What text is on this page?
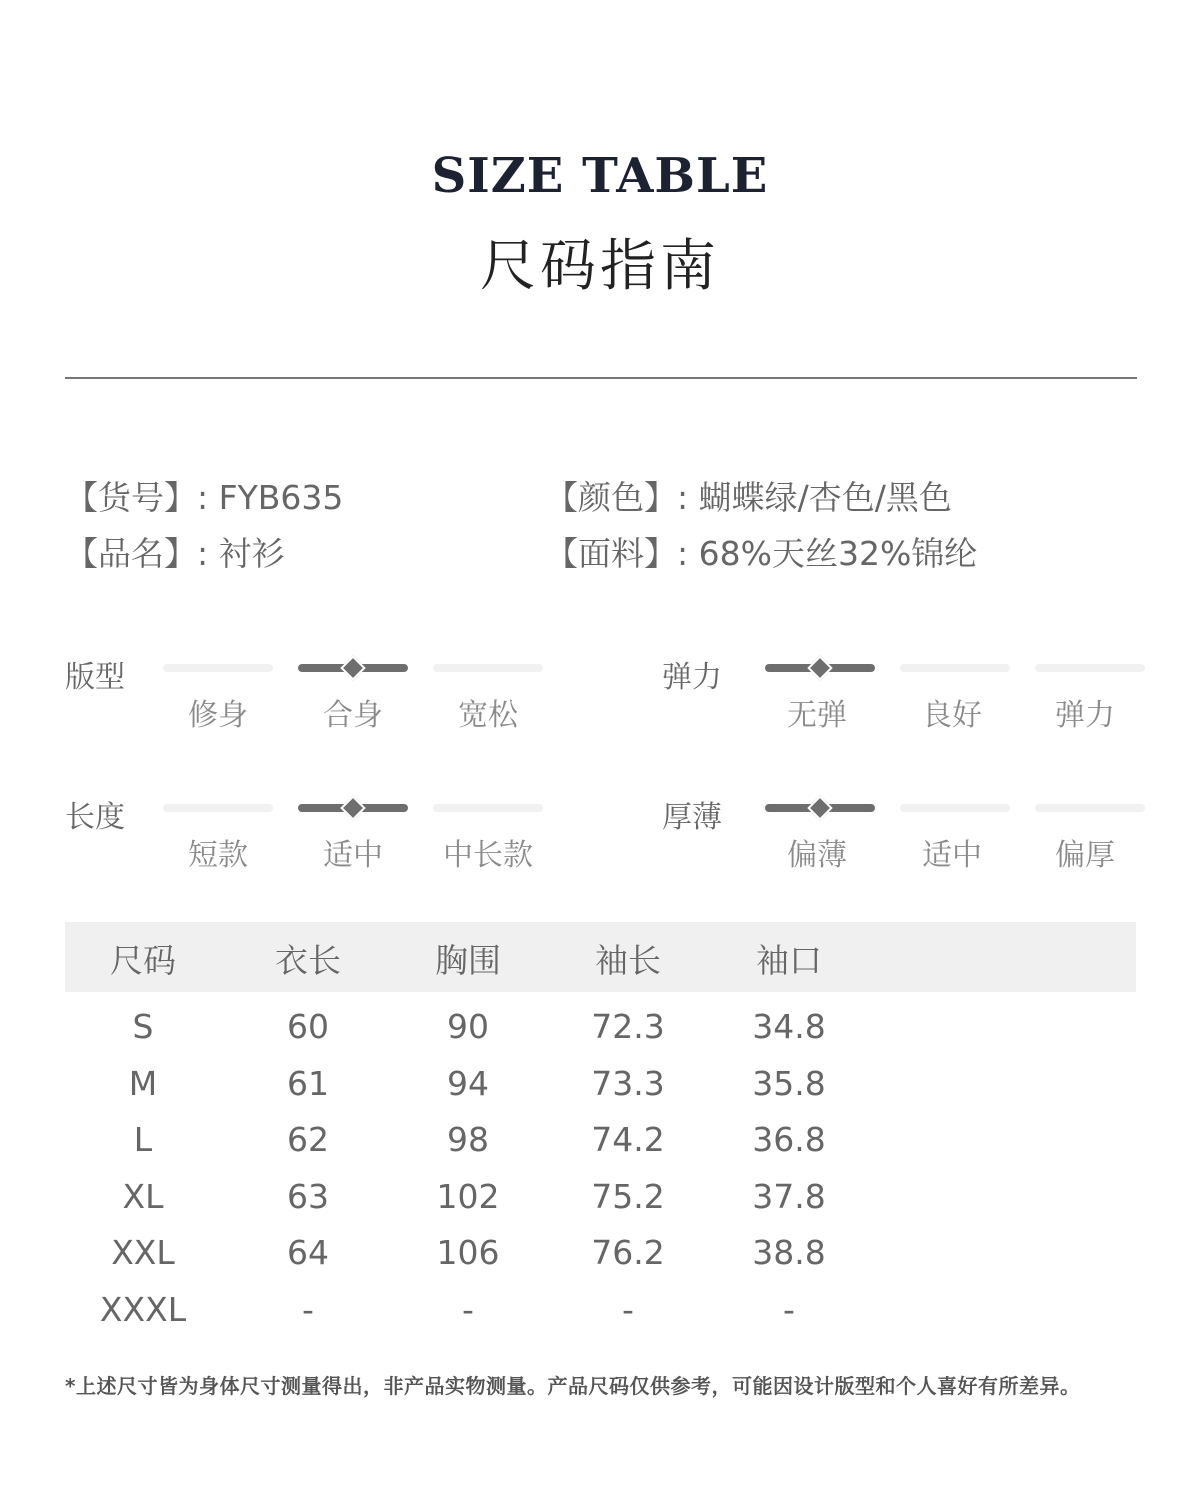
SIZE TABLE
尺码指南
【货号】: FYB635
【品名】: 衬衫
【颜色】: 蝴蝶绿/杏色/黑色
【面料】: 68%天丝32%锦纶
版型
修身	合身	宽松
弹力
无弹	良好	弹力
长度
短款	适中	中长款
厚薄
偏薄	适中	偏厚
尺码	衣长	胸围	袖长	袖口
S	60	90	72.3	34.8
M	61	94	73.3	35.8
L	62	98	74.2	36.8
XL	63	102	75.2	37.8
XXL	64	106	76.2	38.8
XXXL	-	-	-	-
*上述尺寸皆为身体尺寸测量得出，非产品实物测量。产品尺码仅供参考，可能因设计版型和个人喜好有所差异。
